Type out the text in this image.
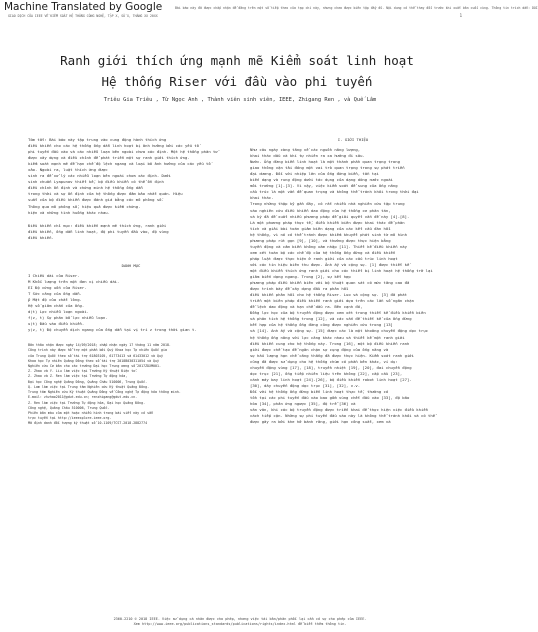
Machine Translated by Google	Bài báo này đã được chấp nhận để đăng trên một số tiếp theo của tạp chí này, nhưng chưa được biên tập đầy đủ. Nội dung có thể thay đổi trước khi xuất bản cuối cùng. Thông tin trích dẫn: DOI
GIAO DỊCH CỦA IEEE VỀ KIỂM SOÁT HỆ THỐNG CÔNG NGHỆ, TẬP X, SỐ X, THÁNG XX 20XX	1
Ranh giới thích ứng mạnh mẽ Kiểm soát linh hoạt
Hệ thống Riser với đầu vào phi tuyến
Triêu Gia Triêu , Từ Ngọc Anh , Thành viên sinh viên, IEEE, Zhigang Ren , và Quế Lâm
Tóm tắt: Bài báo này tập trung vào cung động hành thích ứng
điều khiển cho các hệ thống ống dẫn linh hoạt bị ảnh hưởng bởi các yếu tố
phi tuyến đầu vào và các nhiễu loạn bên ngoài chưa xác định. Một hệ thống phân tử
được xây dựng và điều chỉnh để phát triển một sự ranh giới thích ứng.
kiểm soát mạnh mẽ để hạn chế độ lệch ngang và loại bỏ ảnh hưởng của các yếu tố
xảo. Ngoài ra, luật thích ứng được
sinh ra để xử lý các nhiễu loạn bên ngoài chưa xác định. Dưới
sinh chuẩn Lyapunov thiết kế, bộ điều khiển có thể ổn định
điều chỉnh ổn định và chứng minh hệ thống ống dẫn
trong thời và sự ổn định của hệ thống được đảm bảo nhất quán. Hiệu
suất của bộ điều khiển được đánh giá bằng các mô phỏng số.
Thông qua mô phỏng số, hiệu quả được kiểm chứng.
hiện và những tình huống khác nhau.
Điều khiển chỉ mục: điều khiển mạnh mẽ thích ứng, ranh giới
điều khiển, ống dẫn linh hoạt, độ phi tuyến đầu vào, độ vùng
điều khiển.
DANH MỤC
I Chiều dài của Riser.
M Khối lượng trên một đơn vị chiều dài.
EI Độ cứng uốn của Riser.
T Sức căng của ống dẫn.
ρ Mật độ của chất lỏng.
Hệ số giảm chấn của ống.
d(t) Lực nhiễu loạn ngoài.
f(z, t) Sự phân bố lực nhiễu loạn.
u(t) Đầu vào điều khiển.
y(z, t) Độ chuyển dịch ngang của ống dẫn tại vị trí z trong thời gian t.
Bản thảo nhận được ngày 14/09/2018; chấp nhận ngày 17 tháng 11 năm 2018.
Công trình này được hỗ trợ một phần bởi Quỹ Khoa học Tự nhiên Quốc gia
của Trung Quốc theo số tài trợ 61803105, 61773413 và 61433012 và Quỹ
Khoa học Tự nhiên Quảng Đông theo số tài trợ 2018B030311054 và Quỹ
Nghiên cứu Cơ bản cho các trường Đại học Trung ương số 2017ZDXM001.
Z. Zhao và Y. Liu làm việc tại Trường Kỹ thuật Điện tử.
Z. Zhao và Z. Ren làm việc tại Trường Tự động hóa,
Đại học Công nghệ Quảng Đông, Quảng Châu 510006, Trung Quốc.
Q. Lam làm việc tại Trung tâm Nghiên cứu Kỹ thuật Quảng Đông.
Trung tâm Nghiên cứu Kỹ thuật Quảng Đông về Công nghệ Tự động hóa thông minh.
E-mail: zhzhao2011@gdut.edu.cn; renzhigang@gdut.edu.cn.
Z. Ren làm việc tại Trường Tự động hóa, Đại học Quảng Đông.
Công nghệ, Quảng Châu 510006, Trung Quốc.
Phiên bản màu của một hoặc nhiều hình trong bài viết này có sẵn
trực tuyến tại http://ieeexplore.ieee.org.
Mã định danh đối tượng kỹ thuật số 10.1109/TCST.2018.2882774
I. GIỚI THIỆU
Như câu ngày càng tăng về các nguồn năng lượng,
khai thác dầu và khí tự nhiên ra xa hướng đi sâu.
Nước. Ống đứng biển linh hoạt là một thành phần quan trọng trong
giao thông vận tải đóng một vai trò quan trọng trong sự phát triển
đại dương. Đối với nhiệp lớn của ống đứng biển, tần tại
biến dạng và rung động dưới tác dụng của dạng dòng nước ngoài
môi trường [1]-[3]. Vì vậy, việc kiểm soát để sung của ống năng
cầu trúc là một vấn đề quan trọng và không thể tránh khỏi trong thời đại
khai thác.
Trong những thập kỷ gần đây, có rất nhiều nhà nghiên cứu tập trung
vào nghiên cứu điều khiển dao động của hệ thống cơ phân tán,
và kỹ đã đề xuất nhiều phương pháp để giải quyết vấn đề này [4]-[8].
Là một phương pháp thực tế, điều khiển biên được khai thác để phân
tích và giải bài toán giảm biên dạng của các kết cấu đàn hồi
hệ thống, vì nó có thể tránh được khiếm khuyết phát sinh từ mô hình
phương pháp rút gọn [9], [10], và thường được thực hiện bằng
tuyến động và cảm biến không xâm nhập [11]. Thiết kế điều khiển này
xem xét toàn bộ các chế độ của hệ thống ống đứng và điều khiển
pháp luật được thực hiện ở ranh giới của các cấu trúc linh hoạt
với các tín hiệu biên thu được. Ảnh ấy và cộng sự. [1] được thiết kế
một điều khiển thích ứng ranh giới cho các thiết bị linh hoạt hệ thống trở lại
giảm biến dạng ngang. Trong [2], sự kết hợp
phương pháp điều khiển biên với bộ thuật quan sát có mức tăng cao đã
được trình bày để xây dựng đầu ra phản hồi
điều khiển phản hồi cho hệ thống Riser. Luo và cộng sự. [3] đã phát
triển một biên pháp điều khiển ranh giới dựa trên các lần số ngăn chặn
để lệch dao động và hạn chế dầu ra. Bên cạnh đó,
Đồng lực học của bộ truyền động được xem xét trong thiết kế điều khiển biên
và phân tích hệ thống trong [12], và các vấn đề thiết kế của ống đứng
kết hợp của hệ thống ống đứng cũng được nghiên cứu trong [13]
và [14]. Anh ấy và cộng sự. [15] được các là một khoảng chuyển động dọc trục
hệ thống ống năng với lực căng khác nhau và thiết kế một ranh giới
điều khiển cung cho hệ thống này. Trong [16], một bộ điều khiển ranh
giới được chế tạo để ngăn chặn sự cụng động của ống năng và
sự hấu lượng hạn chế căng thẳng đã được thực hiện. Kiểm soát ranh giới
cũng đã được sử dụng cho hệ thống chùm có phần bên khác, ví dụ:
chuyển động vùng [17], [18], truyền nhiệt [19], [20], đai chuyển động
dọc trục [21], ống tiếp nhiên liệu trên không [22], cấp cầu [23],
cánh máy bay linh hoạt [24]-[26], bộ điều khiển robot linh hoạt [27]-
[30], dây chuyển động dọc trục [31], [32], v.v.
Đối với hệ thống ống đứng biển linh hoạt thực tế, thường có
tồn tại các phi tuyến đầu vào bao gồm vùng chết đầu vào [33], độ bão
hòa [34], phản ứng ngược [35], độ trễ [36] và
vân vân, khi các bộ truyền động được triển khai để thực hiện việc điều khiển
cách tiếp cận. Những sự phi tuyến đầu vào này là không thể tránh khỏi và có thể
được gây ra bởi khe hở bánh răng, giới hạn công suất, xem và
2360-2210 © 2018 IEEE. Việc sử dụng cá nhân được cho phép, nhưng việc tái bản/phân phối lại cần có sự cho phép của IEEE.
Xem http://www.ieee.org/publications_standards/publications/rights/index.html để biết thêm thông tin.
